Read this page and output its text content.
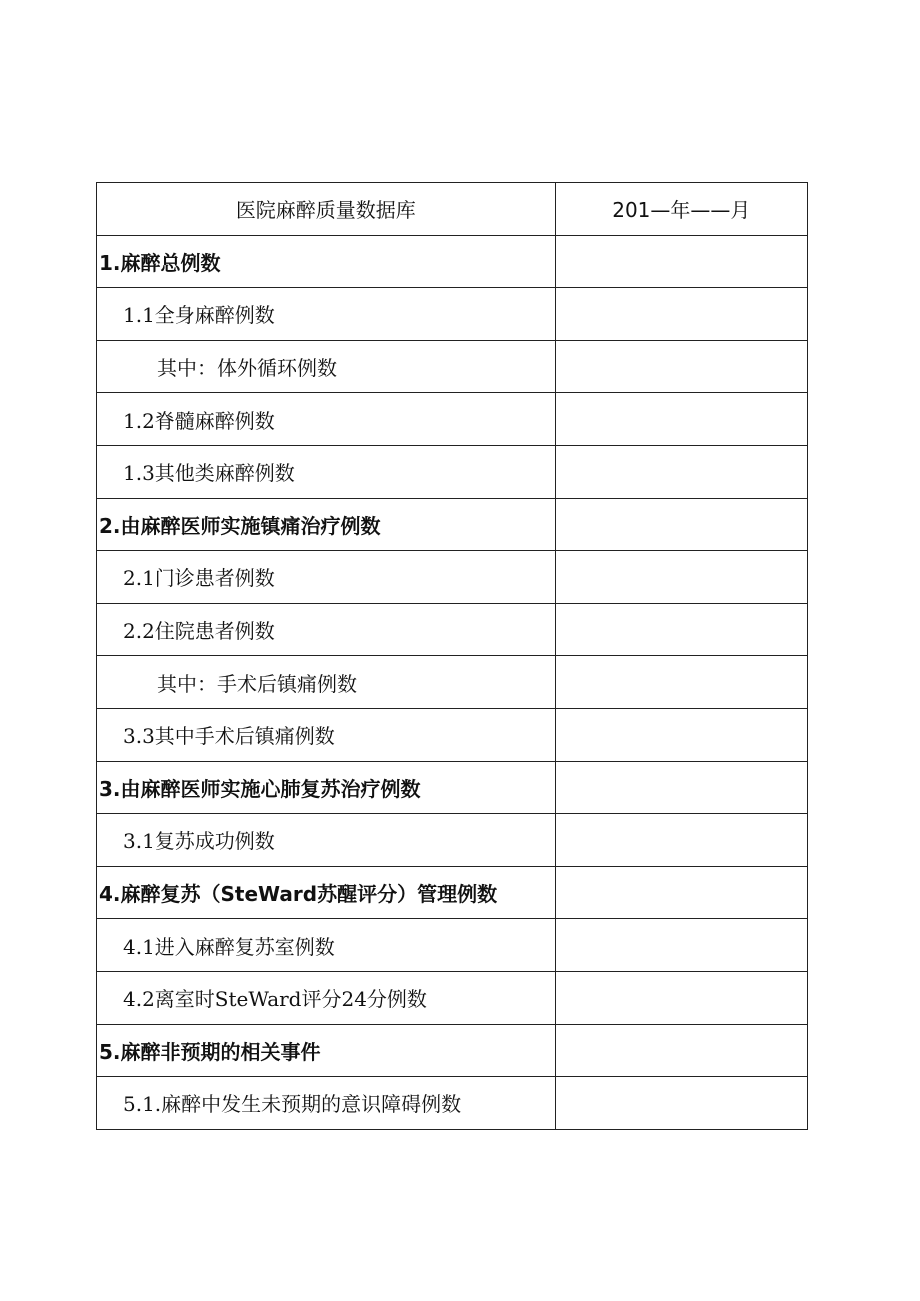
医院麻醉质量数据库	201—年——月
1.麻醉总例数	
1.1全身麻醉例数	
其中：体外循环例数	
1.2脊髓麻醉例数	
1.3其他类麻醉例数	
2.由麻醉医师实施镇痛治疗例数	
2.1门诊患者例数	
2.2住院患者例数	
其中：手术后镇痛例数	
3.3其中手术后镇痛例数	
3.由麻醉医师实施心肺复苏治疗例数	
3.1复苏成功例数	
4.麻醉复苏（SteWard苏醒评分）管理例数	
4.1进入麻醉复苏室例数	
4.2离室时SteWard评分24分例数	
5.麻醉非预期的相关事件	
5.1.麻醉中发生未预期的意识障碍例数	
